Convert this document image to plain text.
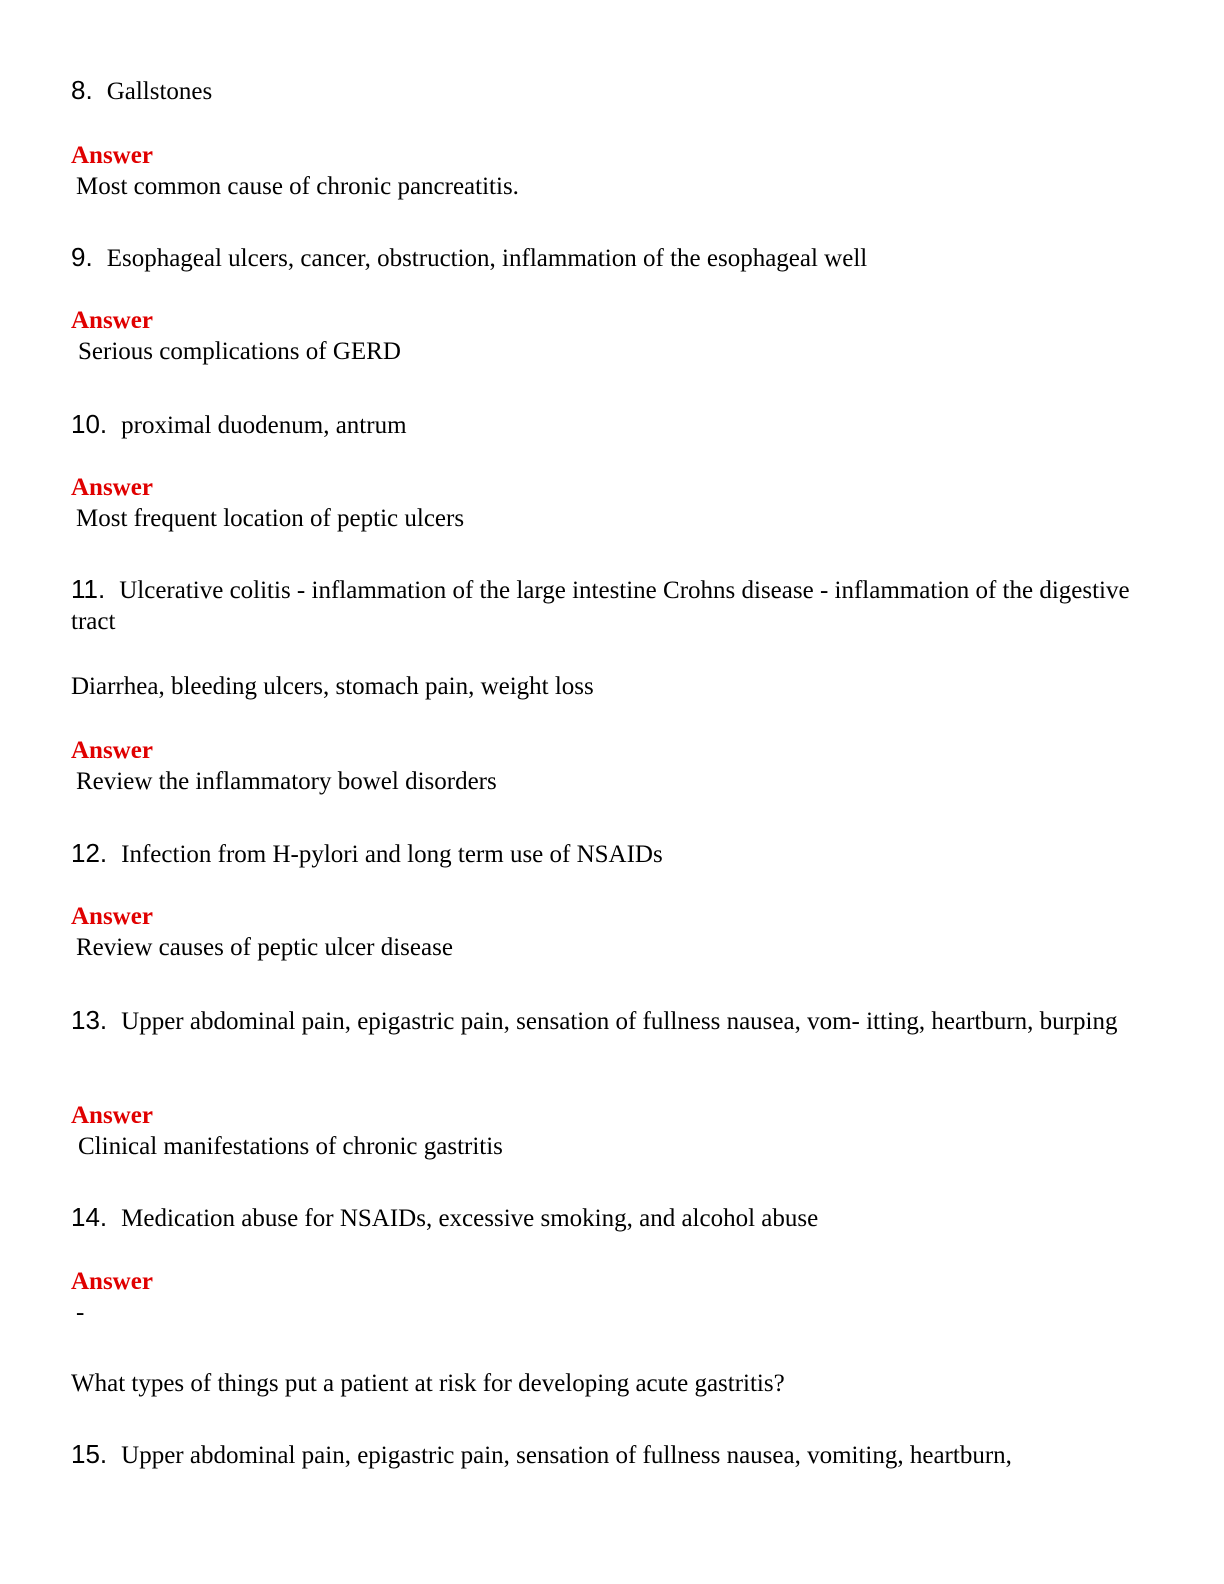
8. Gallstones

Answer

Most common cause of chronic pancreatitis.

9. Esophageal ulcers, cancer, obstruction, inflammation of the esophageal well

Answer

Serious complications of GERD

10. proximal duodenum, antrum

Answer

Most frequent location of peptic ulcers

11. Ulcerative colitis - inflammation of the large intestine Crohns disease - inflammation of the digestive tract

Diarrhea, bleeding ulcers, stomach pain, weight loss

Answer

Review the inflammatory bowel disorders

12. Infection from H-pylori and long term use of NSAIDs

Answer

Review causes of peptic ulcer disease

13. Upper abdominal pain, epigastric pain, sensation of fullness nausea, vom- itting, heartburn, burping

Answer

Clinical manifestations of chronic gastritis

14. Medication abuse for NSAIDs, excessive smoking, and alcohol abuse

Answer

-

What types of things put a patient at risk for developing acute gastritis?

15. Upper abdominal pain, epigastric pain, sensation of fullness nausea, vomiting, heartburn,
